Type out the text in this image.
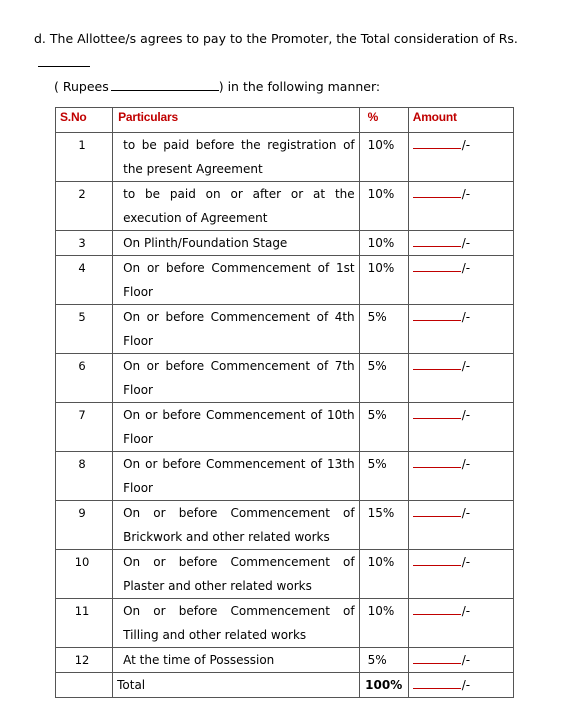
d. The Allottee/s agrees to pay to the Promoter, the Total consideration of Rs.
( Rupees	) in the following manner:
S.No	Particulars	%	Amount

1	to be paid before the registration of the present Agreement	10%	/-

2	to be paid on or after or at the execution of Agreement	10%	/-

3	On Plinth/Foundation Stage	10%	/-

4	On or before Commencement of 1st Floor	10%	/-

5	On or before Commencement of 4th Floor	5%	/-

6	On or before Commencement of 7th Floor	5%	/-

7	On or before Commencement of 10th Floor	5%	/-

8	On or before Commencement of 13th Floor	5%	/-

9	On or before Commencement of Brickwork and other related works	15%	/-

10	On or before Commencement of Plaster and other related works	10%	/-

11	On or before Commencement of Tilling and other related works	10%	/-

12	At the time of Possession	5%	/-

	Total	100%	/-
